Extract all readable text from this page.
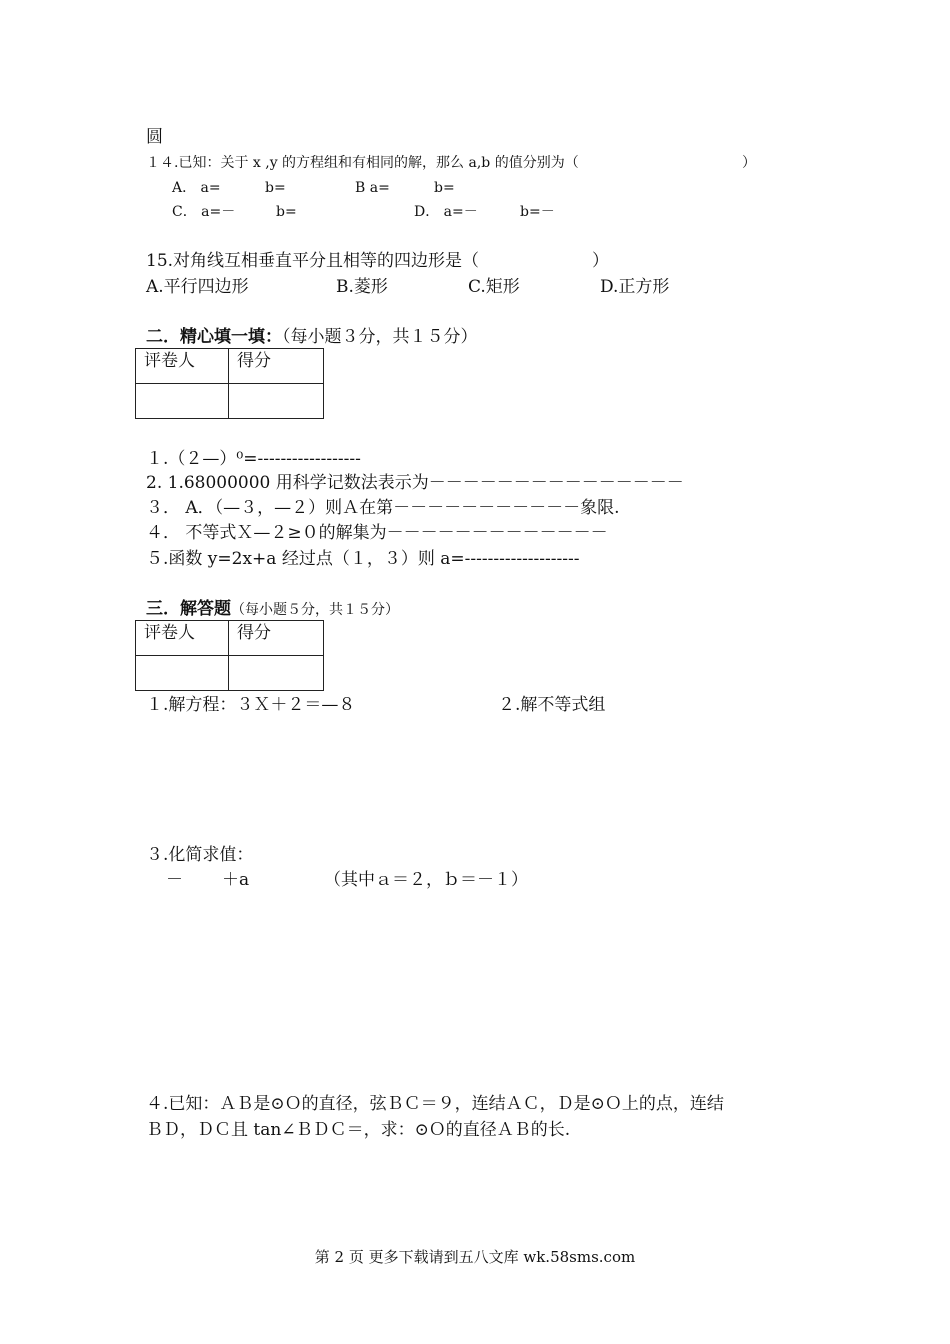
圆
１４.已知：关于 x ,y 的方程组和有相同的解，那么 a,b 的值分别为（	）
A． a=	b=	B a=	b=
C． a=－	b=	D． a=－	b=－
15.对角线互相垂直平分且相等的四边形是（	）
A.平行四边形	B.菱形	C.矩形	D.正方形
二．精心填一填：（每小题３分，共１５分）
评卷人	得分

１.（２—）⁰=------------------
2. 1.68000000 用科学记数法表示为－－－－－－－－－－－－－－－
３． A．（—３，—２）则Ａ在第－－－－－－－－－－－象限.
４． 不等式Ｘ—２≥０的解集为－－－－－－－－－－－－－
５.函数 y=2x+a 经过点（１，３）则 a=--------------------
三．解答题（每小题５分，共１５分）
评卷人	得分

１.解方程：３Ｘ＋２＝—８	２.解不等式组
３.化简求值：
－ ＋a	（其中ａ＝２，ｂ＝－１）
４.已知：ＡＢ是⊙Ｏ的直径，弦ＢＣ＝９，连结ＡＣ，Ｄ是⊙Ｏ上的点，连结
ＢＤ，ＤＣ且 tan∠ＢＤＣ＝，求：⊙Ｏ的直径ＡＢ的长.
第 2 页 更多下载请到五八文库 wk.58sms.com
